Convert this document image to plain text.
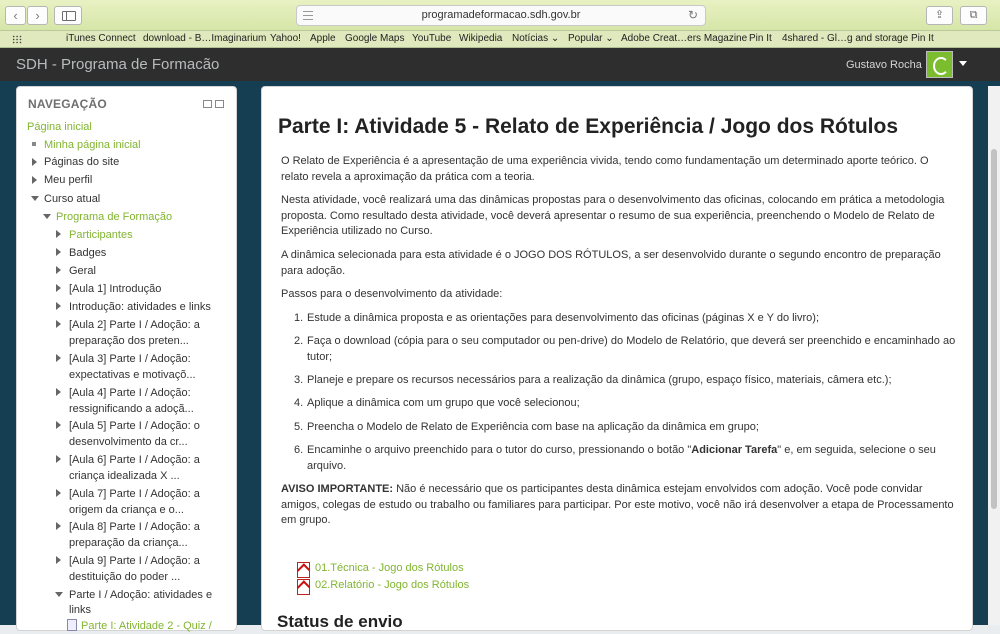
‹	›	programadeformacao.sdh.gov.br	↻	⇪	⧉
iTunes Connect download - B…Imaginarium Yahoo! Apple Google Maps YouTube Wikipedia Notícias ⌄ Popular ⌄ Adobe Creat…ers Magazine Pin It 4shared - Gl…g and storage Pin It
SDH - Programa de Formacão	Gustavo Rocha
NAVEGAÇÃO
Página inicial
Minha página inicial
Páginas do site
Meu perfil
Curso atual
Programa de Formação
Participantes
Badges
Geral
[Aula 1] Introdução
Introdução: atividades e links
[Aula 2] Parte I / Adoção: a
preparação dos preten...
[Aula 3] Parte I / Adoção:
expectativas e motivaçõ...
[Aula 4] Parte I / Adoção:
ressignificando a adoçã...
[Aula 5] Parte I / Adoção: o
desenvolvimento da cr...
[Aula 6] Parte I / Adoção: a
criança idealizada X ...
[Aula 7] Parte I / Adoção: a
origem da criança e o...
[Aula 8] Parte I / Adoção: a
preparação da criança...
[Aula 9] Parte I / Adoção: a
destituição do poder ...
Parte I / Adoção: atividades e
links
Parte I: Atividade 2 - Quiz /
Parte I: Atividade 5 - Relato de Experiência / Jogo dos Rótulos
O Relato de Experiência é a apresentação de uma experiência vivida, tendo como fundamentação um determinado aporte teórico. O relato revela a aproximação da prática com a teoria.
Nesta atividade, você realizará uma das dinâmicas propostas para o desenvolvimento das oficinas, colocando em prática a metodologia proposta. Como resultado desta atividade, você deverá apresentar o resumo de sua experiência, preenchendo o Modelo de Relato de Experiência utilizado no Curso.
A dinâmica selecionada para esta atividade é o JOGO DOS RÓTULOS, a ser desenvolvido durante o segundo encontro de preparação para adoção.
Passos para o desenvolvimento da atividade:
1. Estude a dinâmica proposta e as orientações para desenvolvimento das oficinas (páginas X e Y do livro);
2. Faça o download (cópia para o seu computador ou pen-drive) do Modelo de Relatório, que deverá ser preenchido e encaminhado ao tutor;
3. Planeje e prepare os recursos necessários para a realização da dinâmica (grupo, espaço físico, materiais, câmera etc.);
4. Aplique a dinâmica com um grupo que você selecionou;
5. Preencha o Modelo de Relato de Experiência com base na aplicação da dinâmica em grupo;
6. Encaminhe o arquivo preenchido para o tutor do curso, pressionando o botão "Adicionar Tarefa" e, em seguida, selecione o seu arquivo.
AVISO IMPORTANTE: Não é necessário que os participantes desta dinâmica estejam envolvidos com adoção. Você pode convidar amigos, colegas de estudo ou trabalho ou familiares para participar. Por este motivo, você não irá desenvolver a etapa de Processamento em grupo.
01.Técnica - Jogo dos Rótulos
02.Relatório - Jogo dos Rótulos
Status de envio
